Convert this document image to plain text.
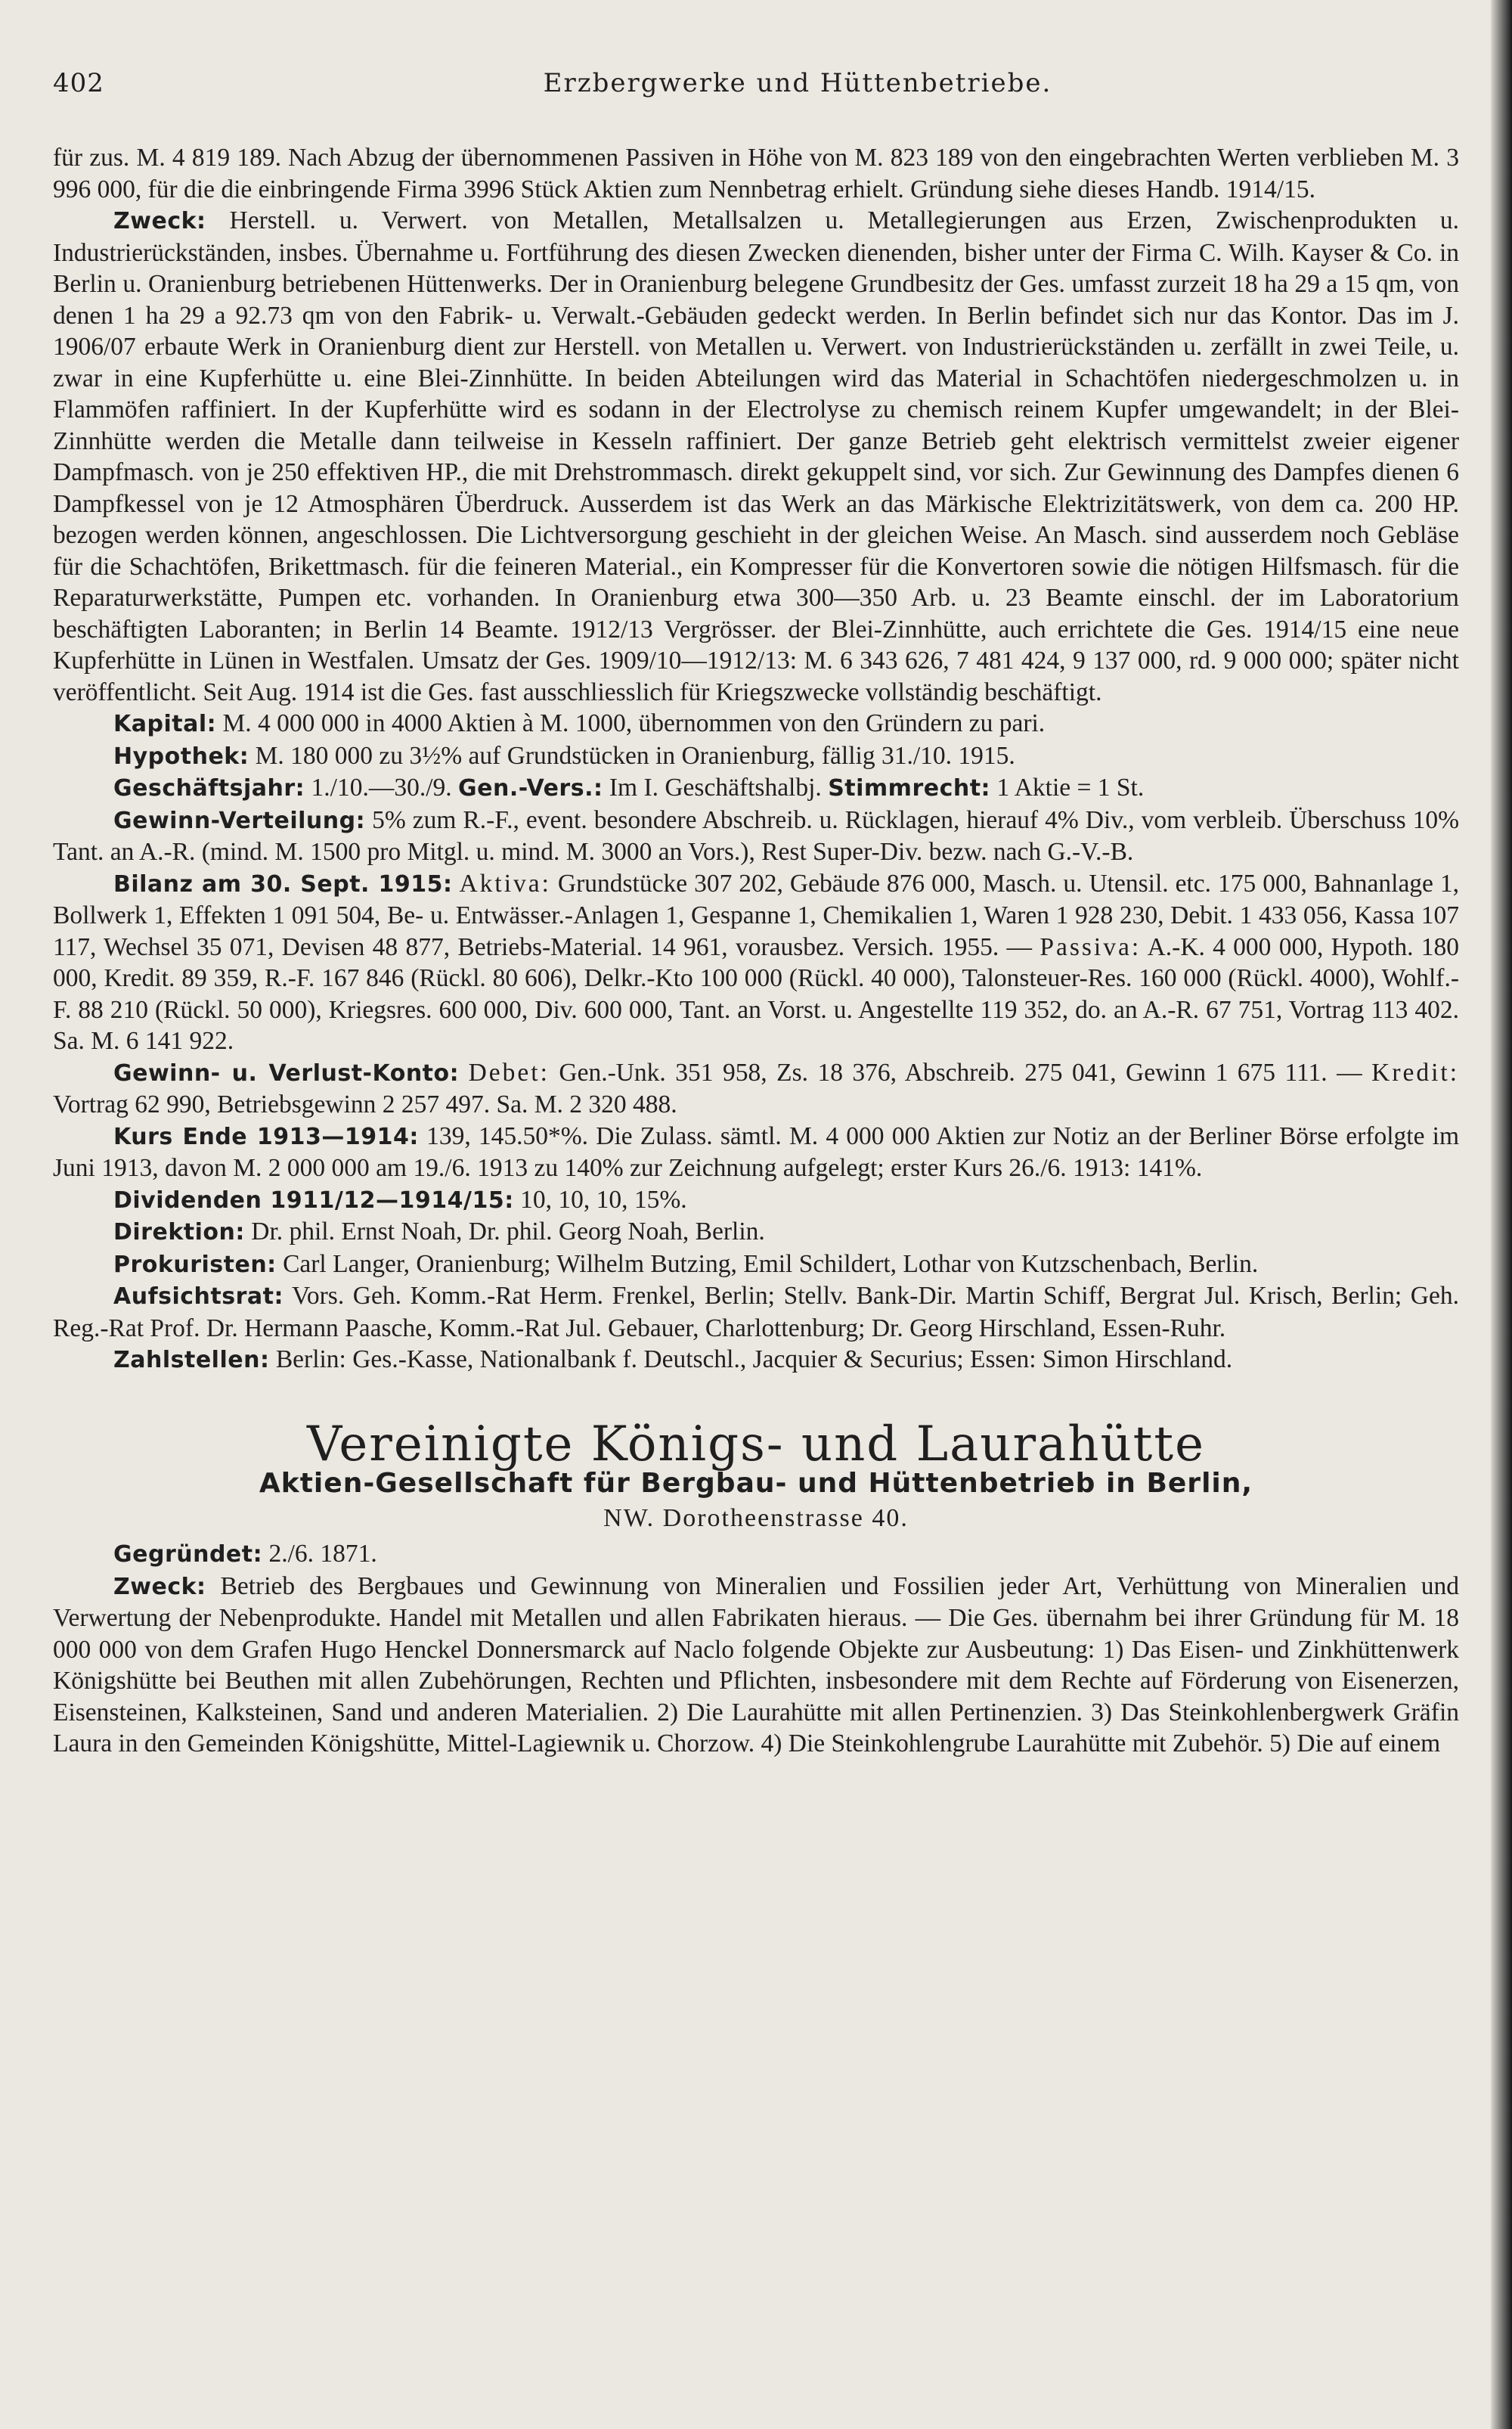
402	Erzbergwerke und Hüttenbetriebe.

für zus. M. 4 819 189. Nach Abzug der übernommenen Passiven in Höhe von M. 823 189 von den eingebrachten Werten verblieben M. 3 996 000, für die die einbringende Firma 3996 Stück Aktien zum Nennbetrag erhielt. Gründung siehe dieses Handb. 1914/15.

Zweck: Herstell. u. Verwert. von Metallen, Metallsalzen u. Metallegierungen aus Erzen, Zwischenprodukten u. Industrierückständen, insbes. Übernahme u. Fortführung des diesen Zwecken dienenden, bisher unter der Firma C. Wilh. Kayser & Co. in Berlin u. Oranienburg betriebenen Hüttenwerks. Der in Oranienburg belegene Grundbesitz der Ges. umfasst zurzeit 18 ha 29 a 15 qm, von denen 1 ha 29 a 92.73 qm von den Fabrik- u. Verwalt.-Gebäuden gedeckt werden. In Berlin befindet sich nur das Kontor. Das im J. 1906/07 erbaute Werk in Oranienburg dient zur Herstell. von Metallen u. Verwert. von Industrierückständen u. zerfällt in zwei Teile, u. zwar in eine Kupferhütte u. eine Blei-Zinnhütte. In beiden Abteilungen wird das Material in Schachtöfen niedergeschmolzen u. in Flammöfen raffiniert. In der Kupferhütte wird es sodann in der Electrolyse zu chemisch reinem Kupfer umgewandelt; in der Blei-Zinnhütte werden die Metalle dann teilweise in Kesseln raffiniert. Der ganze Betrieb geht elektrisch vermittelst zweier eigener Dampfmasch. von je 250 effektiven HP., die mit Drehstrommasch. direkt gekuppelt sind, vor sich. Zur Gewinnung des Dampfes dienen 6 Dampfkessel von je 12 Atmosphären Überdruck. Ausserdem ist das Werk an das Märkische Elektrizitätswerk, von dem ca. 200 HP. bezogen werden können, angeschlossen. Die Lichtversorgung geschieht in der gleichen Weise. An Masch. sind ausserdem noch Gebläse für die Schachtöfen, Brikettmasch. für die feineren Material., ein Kompresser für die Konvertoren sowie die nötigen Hilfsmasch. für die Reparaturwerkstätte, Pumpen etc. vorhanden. In Oranienburg etwa 300—350 Arb. u. 23 Beamte einschl. der im Laboratorium beschäftigten Laboranten; in Berlin 14 Beamte. 1912/13 Vergrösser. der Blei-Zinnhütte, auch errichtete die Ges. 1914/15 eine neue Kupferhütte in Lünen in Westfalen. Umsatz der Ges. 1909/10—1912/13: M. 6 343 626, 7 481 424, 9 137 000, rd. 9 000 000; später nicht veröffentlicht. Seit Aug. 1914 ist die Ges. fast ausschliesslich für Kriegszwecke vollständig beschäftigt.

Kapital: M. 4 000 000 in 4000 Aktien à M. 1000, übernommen von den Gründern zu pari.

Hypothek: M. 180 000 zu 3½% auf Grundstücken in Oranienburg, fällig 31./10. 1915.

Geschäftsjahr: 1./10.—30./9. Gen.-Vers.: Im I. Geschäftshalbj. Stimmrecht: 1 Aktie = 1 St.

Gewinn-Verteilung: 5% zum R.-F., event. besondere Abschreib. u. Rücklagen, hierauf 4% Div., vom verbleib. Überschuss 10% Tant. an A.-R. (mind. M. 1500 pro Mitgl. u. mind. M. 3000 an Vors.), Rest Super-Div. bezw. nach G.-V.-B.

Bilanz am 30. Sept. 1915: Aktiva: Grundstücke 307 202, Gebäude 876 000, Masch. u. Utensil. etc. 175 000, Bahnanlage 1, Bollwerk 1, Effekten 1 091 504, Be- u. Entwässer.-Anlagen 1, Gespanne 1, Chemikalien 1, Waren 1 928 230, Debit. 1 433 056, Kassa 107 117, Wechsel 35 071, Devisen 48 877, Betriebs-Material. 14 961, vorausbez. Versich. 1955. — Passiva: A.-K. 4 000 000, Hypoth. 180 000, Kredit. 89 359, R.-F. 167 846 (Rückl. 80 606), Delkr.-Kto 100 000 (Rückl. 40 000), Talonsteuer-Res. 160 000 (Rückl. 4000), Wohlf.-F. 88 210 (Rückl. 50 000), Kriegsres. 600 000, Div. 600 000, Tant. an Vorst. u. Angestellte 119 352, do. an A.-R. 67 751, Vortrag 113 402. Sa. M. 6 141 922.

Gewinn- u. Verlust-Konto: Debet: Gen.-Unk. 351 958, Zs. 18 376, Abschreib. 275 041, Gewinn 1 675 111. — Kredit: Vortrag 62 990, Betriebsgewinn 2 257 497. Sa. M. 2 320 488.

Kurs Ende 1913—1914: 139, 145.50*%. Die Zulass. sämtl. M. 4 000 000 Aktien zur Notiz an der Berliner Börse erfolgte im Juni 1913, davon M. 2 000 000 am 19./6. 1913 zu 140% zur Zeichnung aufgelegt; erster Kurs 26./6. 1913: 141%.

Dividenden 1911/12—1914/15: 10, 10, 10, 15%.

Direktion: Dr. phil. Ernst Noah, Dr. phil. Georg Noah, Berlin.

Prokuristen: Carl Langer, Oranienburg; Wilhelm Butzing, Emil Schildert, Lothar von Kutzschenbach, Berlin.

Aufsichtsrat: Vors. Geh. Komm.-Rat Herm. Frenkel, Berlin; Stellv. Bank-Dir. Martin Schiff, Bergrat Jul. Krisch, Berlin; Geh. Reg.-Rat Prof. Dr. Hermann Paasche, Komm.-Rat Jul. Gebauer, Charlottenburg; Dr. Georg Hirschland, Essen-Ruhr.

Zahlstellen: Berlin: Ges.-Kasse, Nationalbank f. Deutschl., Jacquier & Securius; Essen: Simon Hirschland.

Vereinigte Königs- und Laurahütte
Aktien-Gesellschaft für Bergbau- und Hüttenbetrieb in Berlin,
NW. Dorotheenstrasse 40.

Gegründet: 2./6. 1871.

Zweck: Betrieb des Bergbaues und Gewinnung von Mineralien und Fossilien jeder Art, Verhüttung von Mineralien und Verwertung der Nebenprodukte. Handel mit Metallen und allen Fabrikaten hieraus. — Die Ges. übernahm bei ihrer Gründung für M. 18 000 000 von dem Grafen Hugo Henckel Donnersmarck auf Naclo folgende Objekte zur Ausbeutung: 1) Das Eisen- und Zinkhüttenwerk Königshütte bei Beuthen mit allen Zubehörungen, Rechten und Pflichten, insbesondere mit dem Rechte auf Förderung von Eisenerzen, Eisensteinen, Kalksteinen, Sand und anderen Materialien. 2) Die Laurahütte mit allen Pertinenzien. 3) Das Steinkohlenbergwerk Gräfin Laura in den Gemeinden Königshütte, Mittel-Lagiewnik u. Chorzow. 4) Die Steinkohlengrube Laurahütte mit Zubehör. 5) Die auf einem
